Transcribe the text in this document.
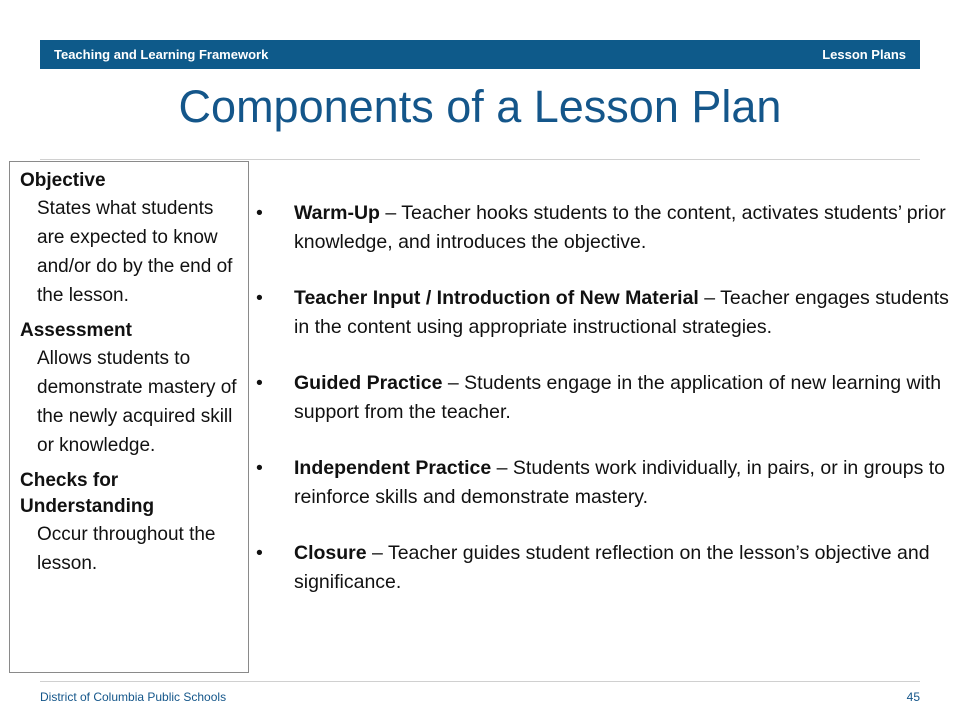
Teaching and Learning Framework	Lesson Plans
Components of a Lesson Plan
Objective
States what students are expected to know and/or do by the end of the lesson.
Assessment
Allows students to demonstrate mastery of the newly acquired skill or knowledge.
Checks for Understanding
Occur throughout the lesson.
• Warm-Up – Teacher hooks students to the content, activates students’ prior knowledge, and introduces the objective.
• Teacher Input / Introduction of New Material – Teacher engages students in the content using appropriate instructional strategies.
• Guided Practice – Students engage in the application of new learning with support from the teacher.
• Independent Practice – Students work individually, in pairs, or in groups to reinforce skills and demonstrate mastery.
• Closure – Teacher guides student reflection on the lesson’s objective and significance.
District of Columbia Public Schools	45
